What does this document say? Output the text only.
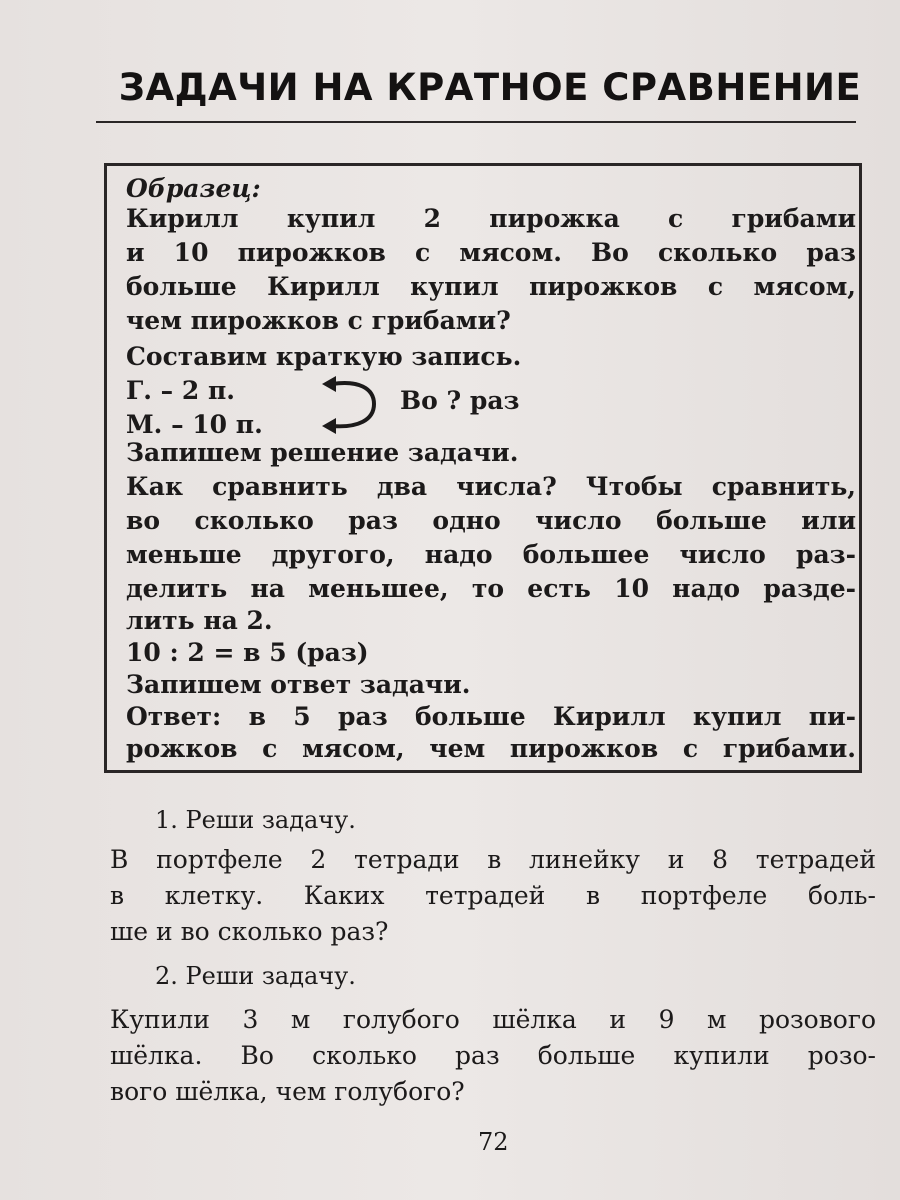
ЗАДАЧИ НА КРАТНОЕ СРАВНЕНИЕ
Образец:
Кирилл купил 2 пирожка с грибами
и 10 пирожков с мясом. Во сколько раз
больше Кирилл купил пирожков с мясом,
чем пирожков с грибами?
Составим краткую запись.
Г. – 2 п.
М. – 10 п.
Во ? раз
Запишем решение задачи.
Как сравнить два числа? Чтобы сравнить,
во сколько раз одно число больше или
меньше другого, надо большее число раз-
делить на меньшее, то есть 10 надо разде-
лить на 2.
10 : 2 = в 5 (раз)
Запишем ответ задачи.
Ответ: в 5 раз больше Кирилл купил пи-
рожков с мясом, чем пирожков с грибами.
1. Реши задачу.
В портфеле 2 тетради в линейку и 8 тетрадей
в клетку. Каких тетрадей в портфеле боль-
ше и во сколько раз?
2. Реши задачу.
Купили 3 м голубого шёлка и 9 м розового
шёлка. Во сколько раз больше купили розо-
вого шёлка, чем голубого?
72
